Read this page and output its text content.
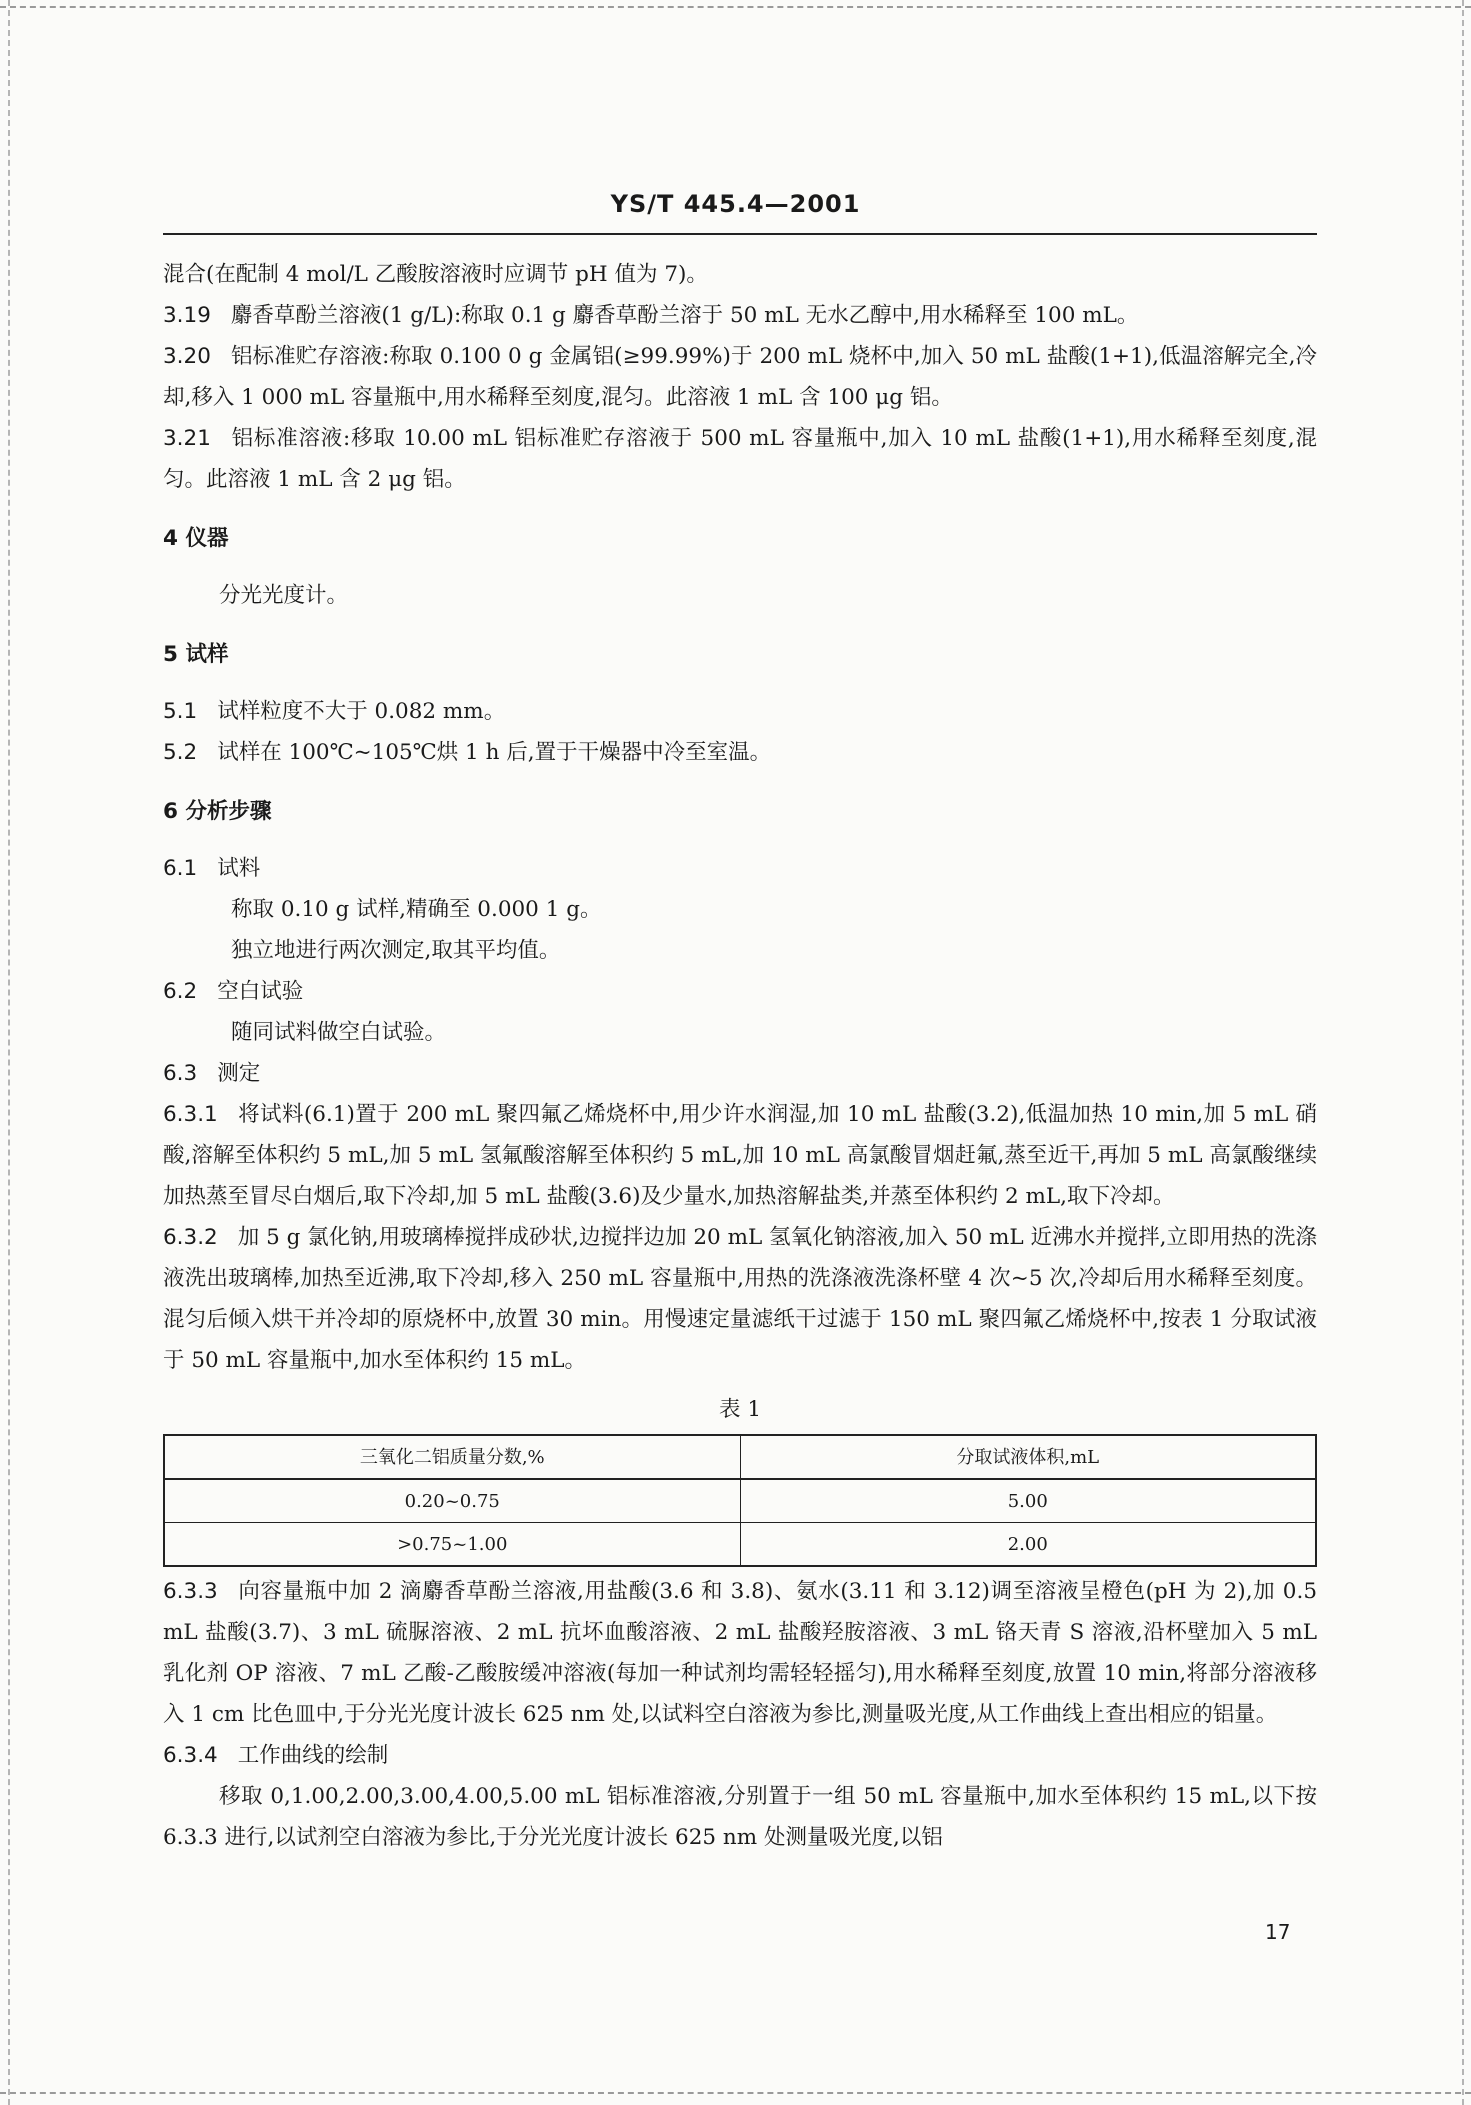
YS/T 445.4—2001

混合(在配制 4 mol/L 乙酸胺溶液时应调节 pH 值为 7)。

3.19 麝香草酚兰溶液(1 g/L):称取 0.1 g 麝香草酚兰溶于 50 mL 无水乙醇中,用水稀释至 100 mL。

3.20 铝标准贮存溶液:称取 0.100 0 g 金属铝(≥99.99%)于 200 mL 烧杯中,加入 50 mL 盐酸(1+1),低温溶解完全,冷却,移入 1 000 mL 容量瓶中,用水稀释至刻度,混匀。此溶液 1 mL 含 100 μg 铝。

3.21 铝标准溶液:移取 10.00 mL 铝标准贮存溶液于 500 mL 容量瓶中,加入 10 mL 盐酸(1+1),用水稀释至刻度,混匀。此溶液 1 mL 含 2 μg 铝。

4 仪器

分光光度计。

5 试样

5.1 试样粒度不大于 0.082 mm。

5.2 试样在 100℃~105℃烘 1 h 后,置于干燥器中冷至室温。

6 分析步骤

6.1 试料

称取 0.10 g 试样,精确至 0.000 1 g。

独立地进行两次测定,取其平均值。

6.2 空白试验

随同试料做空白试验。

6.3 测定

6.3.1 将试料(6.1)置于 200 mL 聚四氟乙烯烧杯中,用少许水润湿,加 10 mL 盐酸(3.2),低温加热 10 min,加 5 mL 硝酸,溶解至体积约 5 mL,加 5 mL 氢氟酸溶解至体积约 5 mL,加 10 mL 高氯酸冒烟赶氟,蒸至近干,再加 5 mL 高氯酸继续加热蒸至冒尽白烟后,取下冷却,加 5 mL 盐酸(3.6)及少量水,加热溶解盐类,并蒸至体积约 2 mL,取下冷却。

6.3.2 加 5 g 氯化钠,用玻璃棒搅拌成砂状,边搅拌边加 20 mL 氢氧化钠溶液,加入 50 mL 近沸水并搅拌,立即用热的洗涤液洗出玻璃棒,加热至近沸,取下冷却,移入 250 mL 容量瓶中,用热的洗涤液洗涤杯壁 4 次~5 次,冷却后用水稀释至刻度。混匀后倾入烘干并冷却的原烧杯中,放置 30 min。用慢速定量滤纸干过滤于 150 mL 聚四氟乙烯烧杯中,按表 1 分取试液于 50 mL 容量瓶中,加水至体积约 15 mL。

表 1
三氧化二铝质量分数,%	分取试液体积,mL
0.20~0.75	5.00
>0.75~1.00	2.00

6.3.3 向容量瓶中加 2 滴麝香草酚兰溶液,用盐酸(3.6 和 3.8)、氨水(3.11 和 3.12)调至溶液呈橙色(pH 为 2),加 0.5 mL 盐酸(3.7)、3 mL 硫脲溶液、2 mL 抗坏血酸溶液、2 mL 盐酸羟胺溶液、3 mL 铬天青 S 溶液,沿杯壁加入 5 mL 乳化剂 OP 溶液、7 mL 乙酸-乙酸胺缓冲溶液(每加一种试剂均需轻轻摇匀),用水稀释至刻度,放置 10 min,将部分溶液移入 1 cm 比色皿中,于分光光度计波长 625 nm 处,以试料空白溶液为参比,测量吸光度,从工作曲线上查出相应的铝量。

6.3.4 工作曲线的绘制

移取 0,1.00,2.00,3.00,4.00,5.00 mL 铝标准溶液,分别置于一组 50 mL 容量瓶中,加水至体积约 15 mL,以下按 6.3.3 进行,以试剂空白溶液为参比,于分光光度计波长 625 nm 处测量吸光度,以铝

17
